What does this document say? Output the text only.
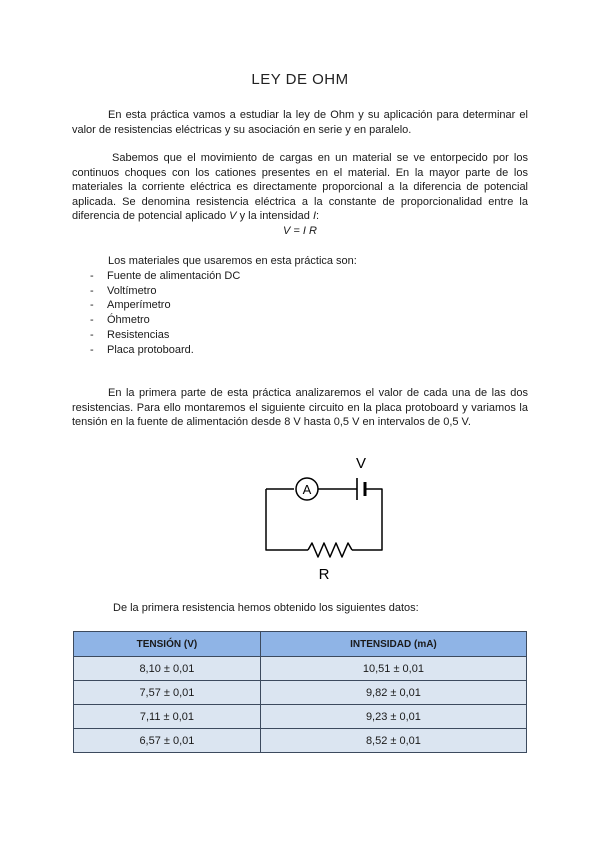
LEY DE OHM

En esta práctica vamos a estudiar la ley de Ohm y su aplicación para determinar el valor de resistencias eléctricas y su asociación en serie y en paralelo.

Sabemos que el movimiento de cargas en un material se ve entorpecido por los continuos choques con los cationes presentes en el material. En la mayor parte de los materiales la corriente eléctrica es directamente proporcional a la diferencia de potencial aplicada. Se denomina resistencia eléctrica a la constante de proporcionalidad entre la diferencia de potencial aplicado V y la intensidad I:

V = I R
Los materiales que usaremos en esta práctica son:
- Fuente de alimentación DC
- Voltímetro
- Amperímetro
- Óhmetro
- Resistencias
- Placa protoboard.

En la primera parte de esta práctica analizaremos el valor de cada una de las dos resistencias. Para ello montaremos el siguiente circuito en la placa protoboard y variamos la tensión en la fuente de alimentación desde 8 V hasta 0,5 V en intervalos de 0,5 V.

V
A
R
De la primera resistencia hemos obtenido los siguientes datos:
TENSIÓN (V)	INTENSIDAD (mA)
8,10 ± 0,01	10,51 ± 0,01
7,57 ± 0,01	9,82 ± 0,01
7,11 ± 0,01	9,23 ± 0,01
6,57 ± 0,01	8,52 ± 0,01
